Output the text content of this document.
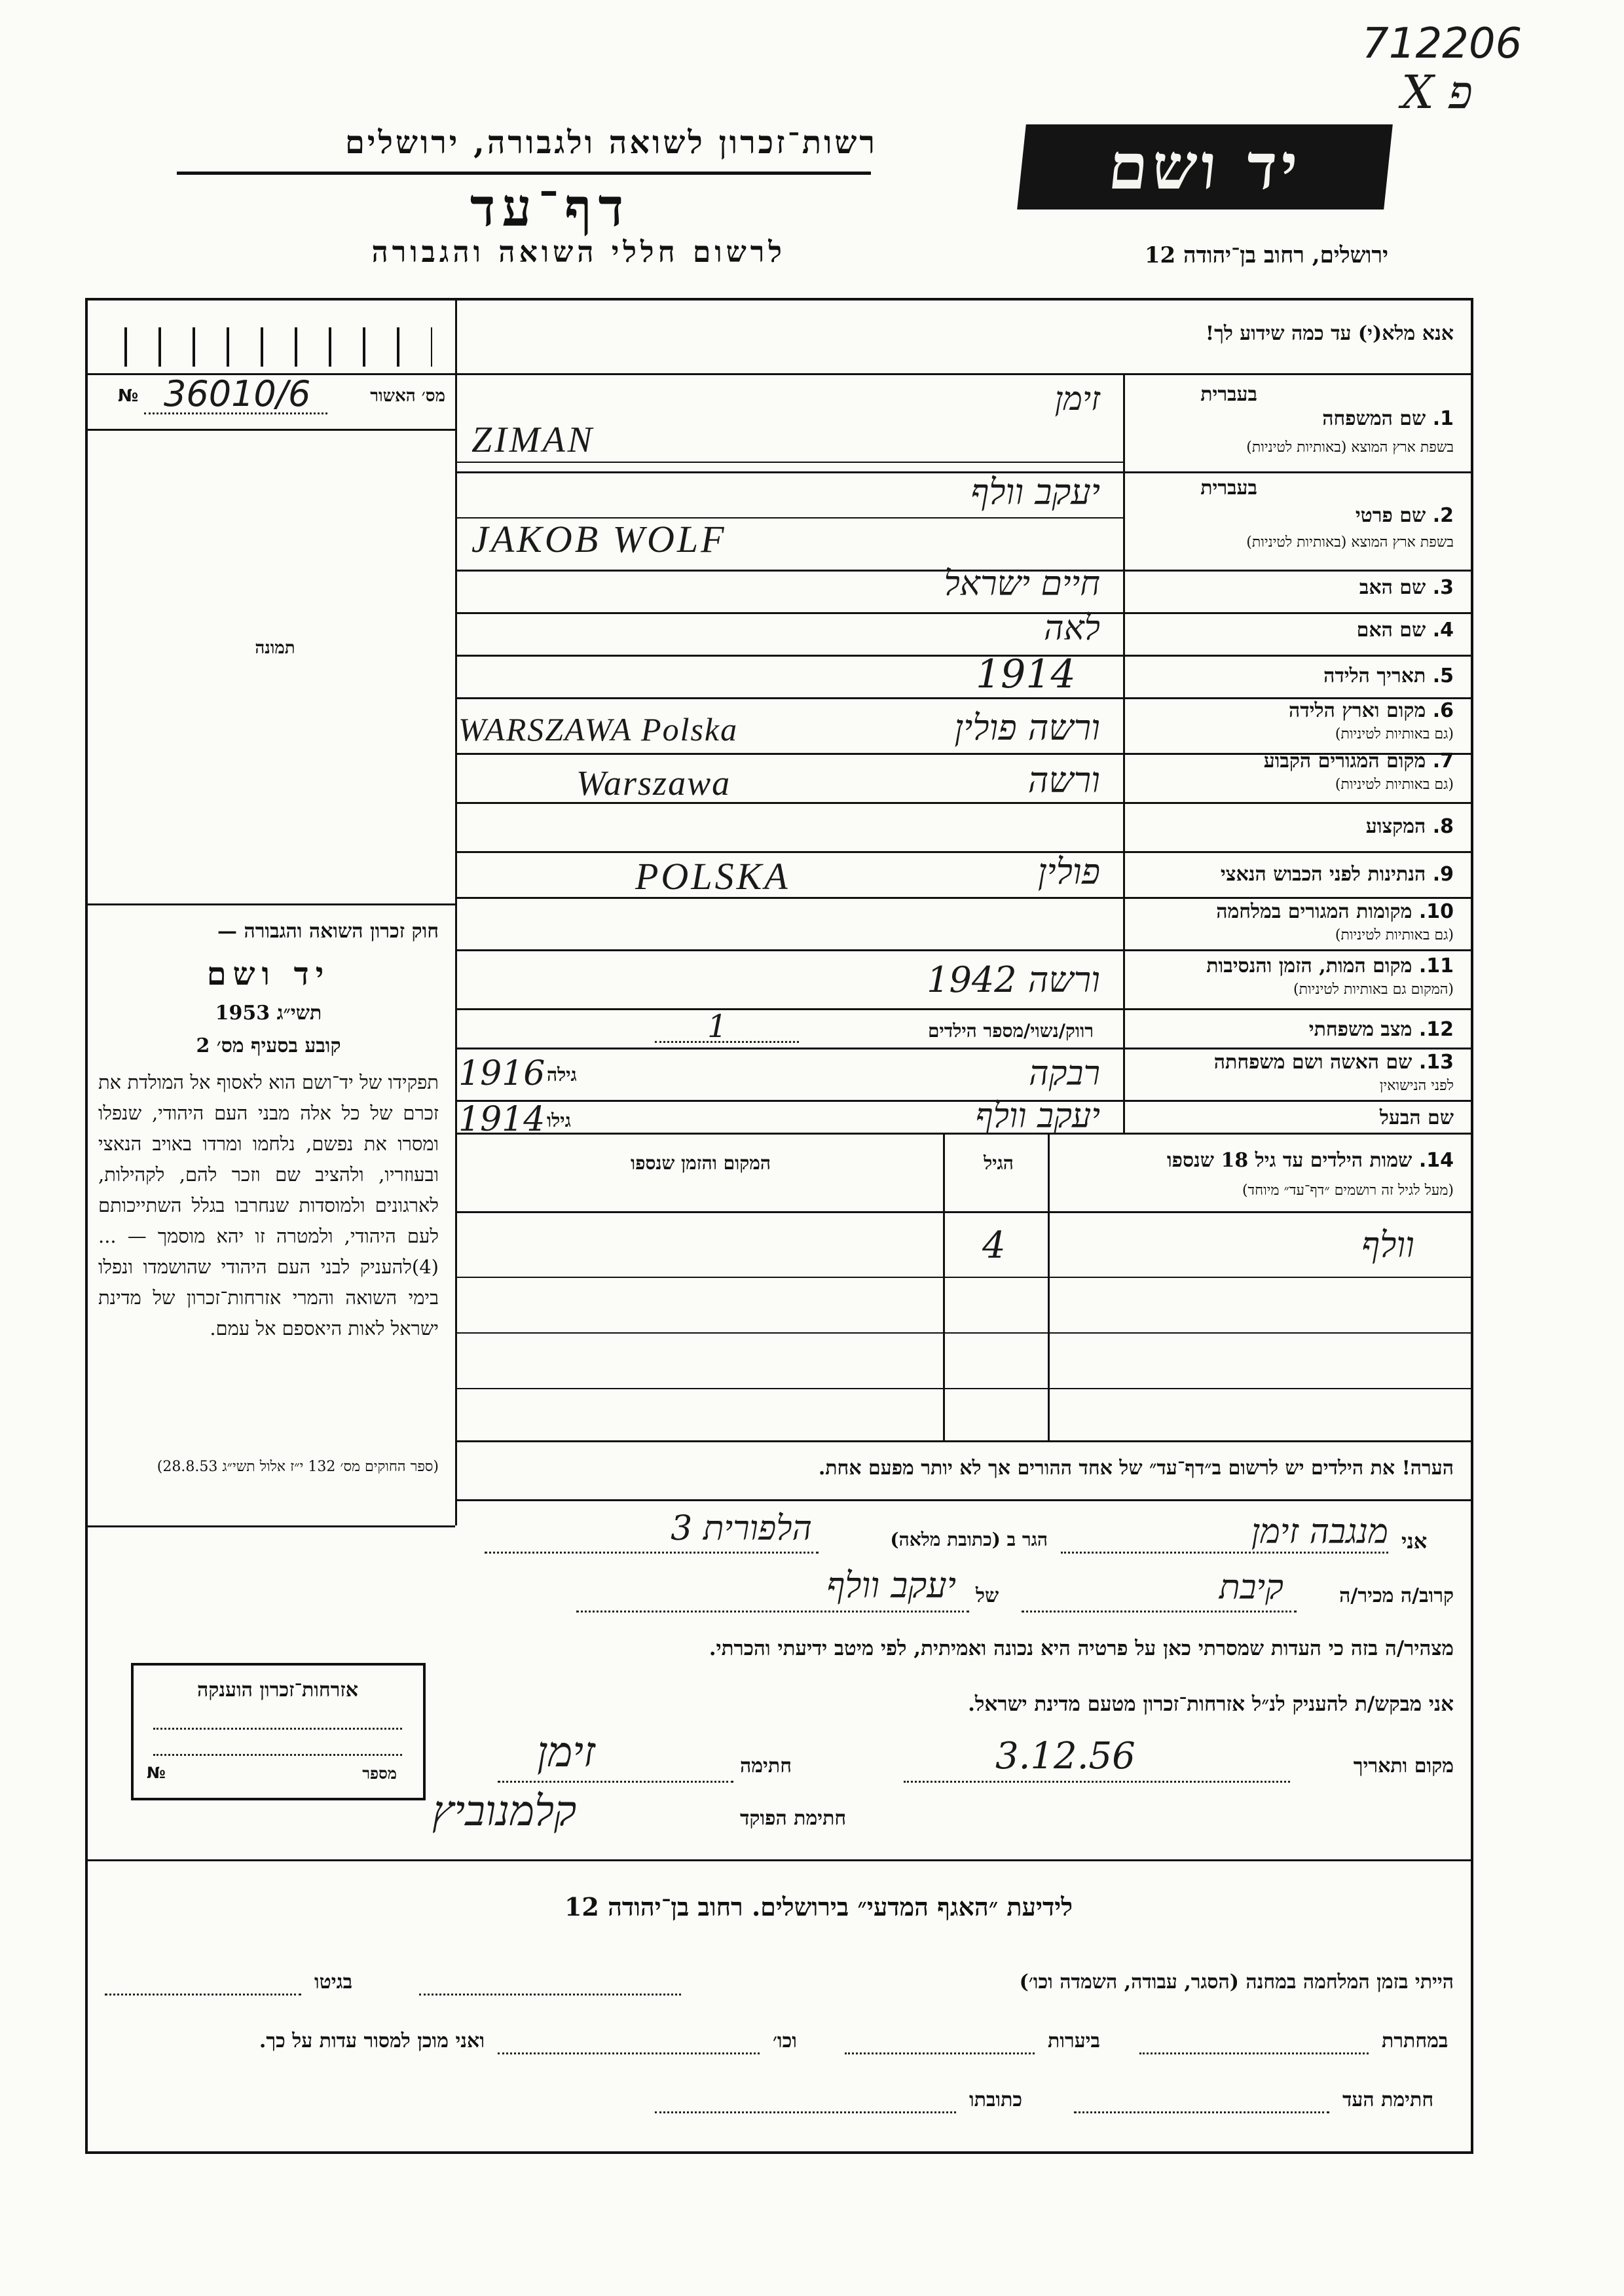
712206
X פ
רשות־זכרון לשואה ולגבורה, ירושלים
דף־עד
לרשום חללי השואה והגבורה
יד ושם
ירושלים, רחוב בן־יהודה 12
אנא מלא(י) עד כמה שידוע לך!
מס׳ האשור
№ 36010/6
תמונה
בעברית
1. שם המשפחה
בשפת ארץ המוצא (באותיות לטיניות)
זימן
ZIMAN
בעברית
2. שם פרטי
בשפת ארץ המוצא (באותיות לטיניות)
יעקב וולף
JAKOB WOLF
3. שם האב
חיים ישראל
4. שם האם
לאה
5. תאריך הלידה
1914
6. מקום וארץ הלידה
(גם באותיות לטיניות)
ורשה פולין
WARSZAWA Polska
7. מקום המגורים הקבוע
(גם באותיות לטיניות)
ורשה
Warszawa
8. המקצוע
9. הנתינות לפני הכבוש הנאצי
פולין
POLSKA
10. מקומות המגורים במלחמה
(גם באותיות לטיניות)
11. מקום המות, הזמן והנסיבות
(המקום גם באותיות לטיניות)
ורשה 1942
12. מצב משפחתי
רווק/נשוי/מספר הילדים
1
13. שם האשה ושם משפחתה
לפני הנישואין
רבקה
גילה
1916
שם הבעל
יעקב וולף
גילו
1914
14. שמות הילדים עד גיל 18 שנספו
(מעל לגיל זה רושמים ״דף־עד״ מיוחד)
הגיל
המקום והזמן שנספו
וולף
4
הערה! את הילדים יש לרשום ב״דף־עד״ של אחד ההורים אך לא יותר מפעם אחת.
חוק זכרון השואה והגבורה —
יד ושם
תשי״ג 1953
קובע בסעיף מס׳ 2
תפקידו של יד־ושם הוא לאסוף אל המולדת את זכרם של כל אלה מבני העם היהודי, שנפלו ומסרו את נפשם, נלחמו ומרדו באויב הנאצי ובעוזריו, ולהציב שם וזכר להם, לקהילות, לארגונים ולמוסדות שנחרבו בגלל השתייכותם לעם היהודי, ולמטרה זו יהא מוסמך — ...(4)להעניק לבני העם היהודי שהושמדו ונפלו בימי השואה והמרי אזרחות־זכרון של מדינת ישראל לאות היאספם אל עמם.
(ספר החוקים מס׳ 132 י״ז אלול תשי״ג 28.8.53)
אני
מנגבה זימן
הגר ב (כתובת מלאה)
הלפורית 3
קרוב/ה מכיר/ה
קיבת
של
יעקב וולף
מצהיר/ה בזה כי העדות שמסרתי כאן על פרטיה היא נכונה ואמיתית, לפי מיטב ידיעתי והכרתי.
אני מבקש/ת להעניק לנ״ל אזרחות־זכרון מטעם מדינת ישראל.
מקום ותאריך
3.12.56
חתימה
זימן
חתימת הפוקד
קלמנוביץ
אזרחות־זכרון הוענקה
מספר
№
לידיעת ״האגף המדעי״ בירושלים. רחוב בן־יהודה 12
הייתי בזמן המלחמה במחנה (הסגר, עבודה, השמדה וכו׳)
בגיטו
במחתרת
ביערות
וכו׳
ואני מוכן למסור עדות על כך.
חתימת העד
כתובתו
